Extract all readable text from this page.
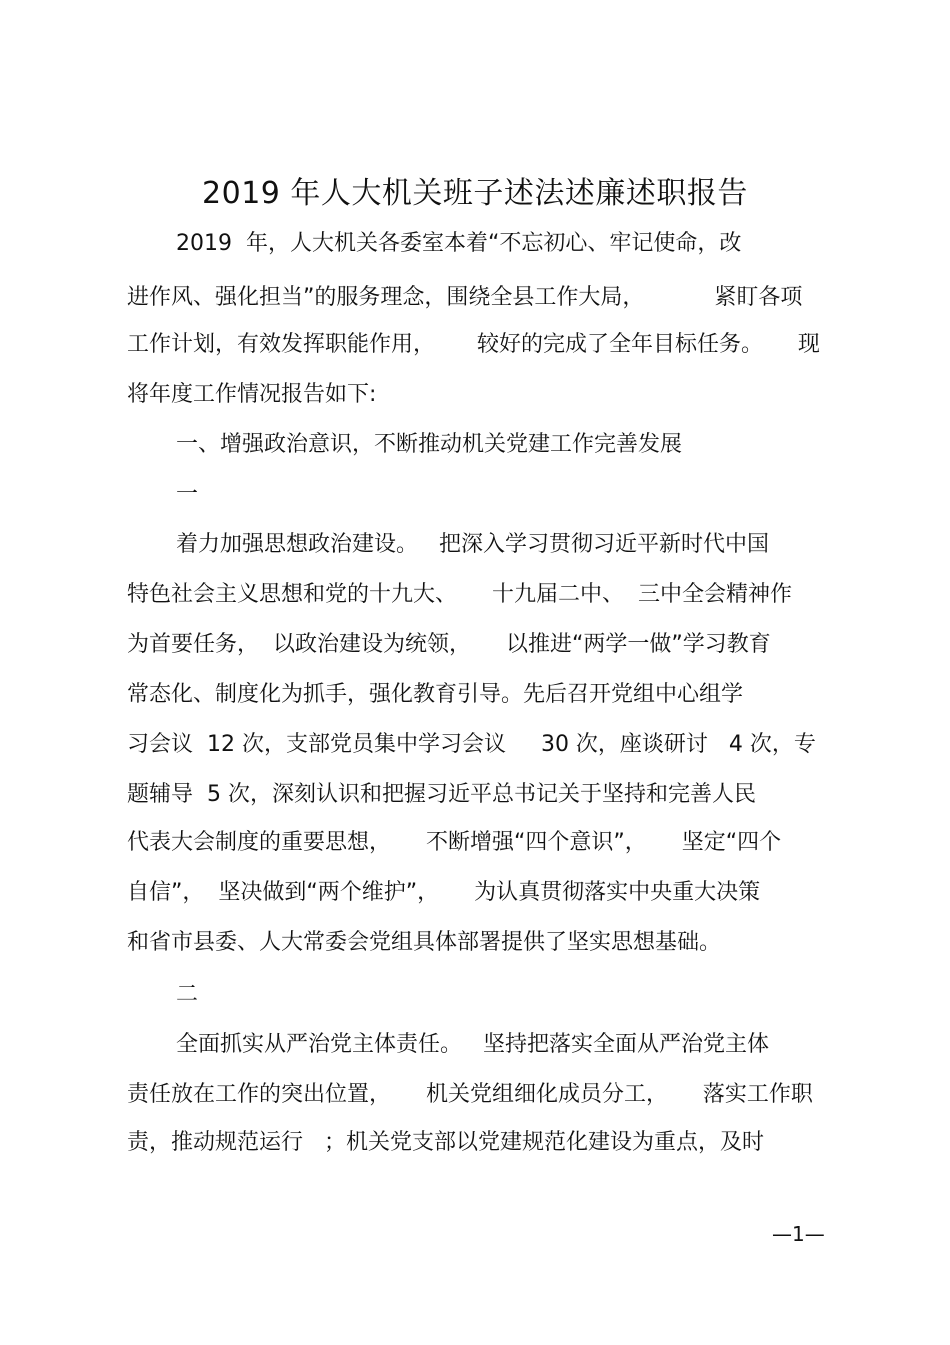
2019 年人大机关班子述法述廉述职报告
2019  年，人大机关各委室本着“不忘初心、牢记使命，改
进作风、强化担当”的服务理念，围绕全县工作大局，          紧盯各项
工作计划，有效发挥职能作用，      较好的完成了全年目标任务。     现
将年度工作情况报告如下:
一、增强政治意识，不断推动机关党建工作完善发展
一
着力加强思想政治建设。   把深入学习贯彻习近平新时代中国
特色社会主义思想和党的十九大、     十九届二中、  三中全会精神作
为首要任务，  以政治建设为统领，     以推进“两学一做”学习教育
常态化、制度化为抓手，强化教育引导。先后召开党组中心组学
习会议  12 次，支部党员集中学习会议     30 次，座谈研讨   4 次，专
题辅导  5 次，深刻认识和把握习近平总书记关于坚持和完善人民
代表大会制度的重要思想，     不断增强“四个意识”，     坚定“四个
自信”，  坚决做到“两个维护”，     为认真贯彻落实中央重大决策
和省市县委、人大常委会党组具体部署提供了坚实思想基础。
二
全面抓实从严治党主体责任。   坚持把落实全面从严治党主体
责任放在工作的突出位置，     机关党组细化成员分工，     落实工作职
责，推动规范运行   ；机关党支部以党建规范化建设为重点，及时
—1—
